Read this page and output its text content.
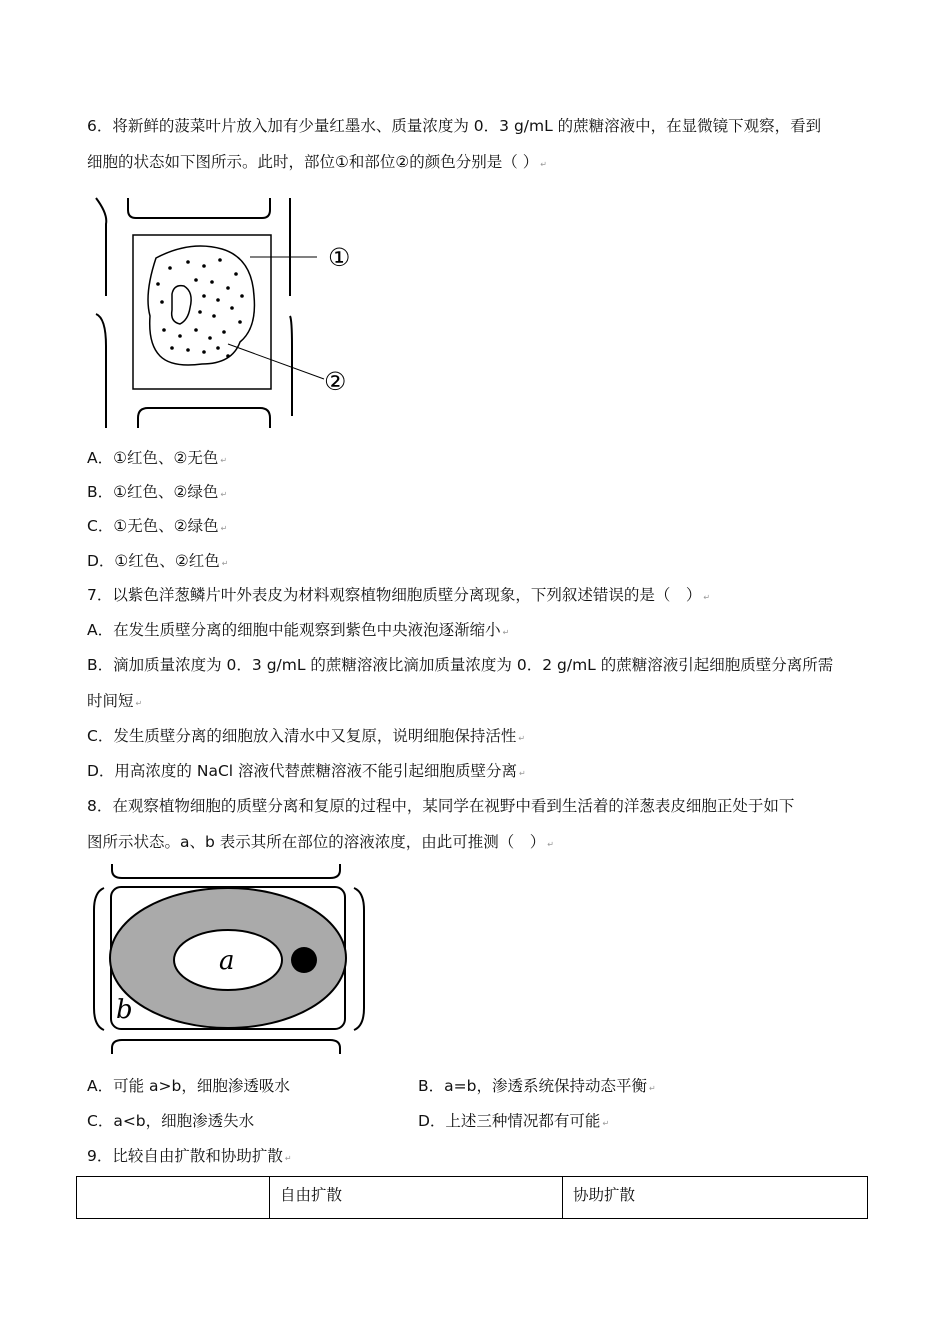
6．将新鲜的菠菜叶片放入加有少量红墨水、质量浓度为 0．3 g/mL 的蔗糖溶液中，在显微镜下观察，看到
细胞的状态如下图所示。此时，部位①和部位②的颜色分别是（ ） ↵
①
②
A．①红色、②无色 ↵
B．①红色、②绿色 ↵
C．①无色、②绿色 ↵
D．①红色、②红色 ↵
7．以紫色洋葱鳞片叶外表皮为材料观察植物细胞质壁分离现象，下列叙述错误的是（　） ↵
A．在发生质壁分离的细胞中能观察到紫色中央液泡逐渐缩小 ↵
B．滴加质量浓度为 0．3 g/mL 的蔗糖溶液比滴加质量浓度为 0．2 g/mL 的蔗糖溶液引起细胞质壁分离所需
时间短 ↵
C．发生质壁分离的细胞放入清水中又复原，说明细胞保持活性 ↵
D．用高浓度的 NaCl 溶液代替蔗糖溶液不能引起细胞质壁分离 ↵
8．在观察植物细胞的质壁分离和复原的过程中，某同学在视野中看到生活着的洋葱表皮细胞正处于如下
图所示状态。a、b 表示其所在部位的溶液浓度，由此可推测（　） ↵
a
b
A．可能 a>b，细胞渗透吸水	B．a=b，渗透系统保持动态平衡 ↵
C．a<b，细胞渗透失水	D．上述三种情况都有可能 ↵
9．比较自由扩散和协助扩散 ↵
	自由扩散	协助扩散
